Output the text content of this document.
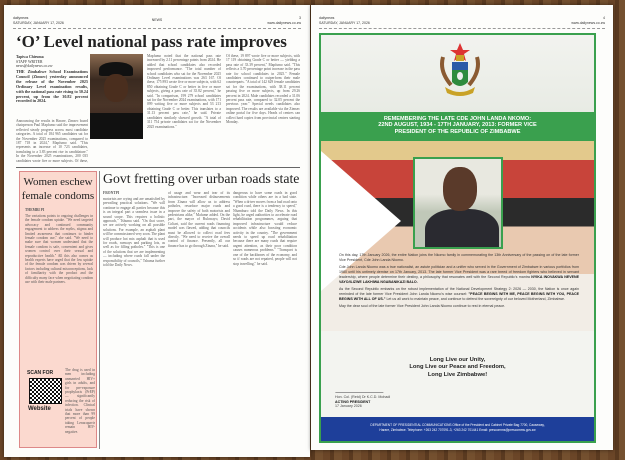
dailynews
SATURDAY, JANUARY 17, 2026
NEWS	3
www.dailynews.co.zw
‘O’ Level national pass rate improves
Tapiwa Chiruma
STAFF WRITER
news@dailynews.co.zw
THE Zimbabwe School Examinations Council (Zimsec) yesterday announced the release of the November 2025 Ordinary Level examination results, with the national pass rate rising to 30.24 percent, up from the 30.82 percent recorded in 2024.
Announcing the results in Harare, Zimsec board chairperson Paul Mapfumo said the improvement reflected steady progress across most candidate categories. A total of 184 965 candidates sat for the November 2025 examinations, compared to 187 718 in 2024," Mapfumo said. "This represents an increase of 10 723 candidates, translating to a 3.83 percent rise in candidature." In the November 2025 examinations, 200 035 candidates wrote five or more subjects. Of these,
Mapfumo noted that the national pass rate increased by 2.11 percentage points from 2024. He added that school candidates also recorded improved performance. "The total number of school candidates who sat for the November 2025 Ordinary Level examinations was 263 167. Of these, 175 893 wrote five or more subjects, with 62 850 obtaining Grade C or better in five or more subjects, giving a pass rate of 35.82 percent," he said. "In comparison, 199 279 school candidates sat for the November 2024 examinations, with 171 099 writing five or more subjects and 53 213 obtaining Grade C or better. This translates to a 31.13 percent pass rate," he said. Private candidates similarly showed growth. "A total of 311 754 private candidates sat for the November 2025 examinations."
Of these, 19 897 wrote five or more subjects, with 17 119 obtaining Grade C or better — yielding a pass rate of 33.39 percent," Mapfumo said. "This reflects a 3.70 percentage point increase in the pass rate for school candidates in 2025." Female candidates continued to outperform their male counterparts. "A total of 142 629 female candidates sat for the examinations, with 38.11 percent passing five or more subjects, up from 29.26 percent in 2024. Male candidates recorded a 31.06 percent pass rate, compared to 32.05 percent the previous year." Special needs candidates also improved. The results are available via the Zimsec online portal for five days. Heads of centres can collect hard copies from provincial centres starting Monday.
Women eschew female condoms
THEMBI PI
The variations points to ongoing challenges in the female condom uptake. "We need targeted advocacy and continued community engagement to address the myths, stigma and limited awareness that continues to hinder female condom use," she said. "We need to make sure that women understand that the female condom is safe, convenient and gives women control over their sexual and reproductive health." All this also comes as health experts have urged that the low uptake of the female condom was driven by several factors including cultural misconceptions, lack of familiarity with the product and the difficulty many face when negotiating condom use with their male partners.
SCAN FOR
Website
The drug is used in men including unmarried HIV+ girls in adults, and for pre-exposure prophylaxis (PrEP) — significantly reducing the risk of infection. Clinical trials have shown that more than 99 percent of people taking Lenacapavir remain HIV-negative.
Govt fretting over urban roads state
FRONTPI
motorists are crying and are unsatisfied by prevailing practical solutions. "We will continue to engage all parties because this is an integral part a seamless issue in a sound scope. This requires a holistic approach," Tshuma said. "On that score, we are actively working on all possible solutions. For example, an asphalt plant will be commissioned very soon. The plant will produce hot mix asphalt that is used for roads, runways and parking lots, as well as for filling potholes." "This is one of the solutions that we are implementing — including where roads fall under the responsibility of councils," Tshuma further told the Daily News.
of usage and wear and tear of its infrastructure. "Increased disbursements from Zinara will allow us to address potholes, resurface major roads and improve the safety of both motorists and pedestrians alike," Mafume added. On the part, the mayor of Bulawayo, David Coltart, said the current roads financing model was flawed, adding that councils must be allowed to collect road fees directly. "We need to receive the overall control of finance. Presently, all our finance has to go through Zinara," he said.
dangerous to have some roads in good condition while others are in a bad state. "When a driver moves from a bad road onto a good road, there is a tendency to speed," Nhamburo told the Daily News. In this light, he urged authorities to accelerate road rehabilitation programmes, arguing that improved infrastructure would reduce accidents while also boosting economic activity in the country. "The government needs to speed up road rehabilitation because there are many roads that require urgent attention, as their poor condition causes numerous problems." "Transport is one of the backbones of the economy, and so if roads are not repaired, people will not stop travelling," he said.
dailynews
SATURDAY, JANUARY 17, 2026
4
www.dailynews.co.zw
REMEMBERING THE LATE CDE JOHN LANDA NKOMO:
22ND AUGUST, 1934 - 17TH JANUARY, 2013: FORMER VICE
PRESIDENT OF THE REPUBLIC OF ZIMBABWE

On this day, 17th January 2026, the entire Nation joins the Nkomo family in commemorating the 13th Anniversary of the passing on of the late former Vice President, Cde John Landa Nkomo.

Cde John Landa Nkomo was a true nationalist, an astute politician and a unifier who served in the Government of Zimbabwe in various portfolios from 1980 until his untimely demise on 17th January, 2013. The late former Vice President was a rare breed of freedom fighters who believed in servant leadership, where people determine their destiny, a philosophy that resonates well with the Second Republic's mantra NYIKA INOVAKWA NEVENE VAYO/ILIZWE LAKHIWA NGABANIKAZI BALO.

As the Second Republic embarks on the robust implementation of the National Development Strategy 2: 2026 — 2030, the Nation is once again reminded of the late former Vice President John Landa Nkomo's wise counsel: "PEACE BEGINS WITH ME, PEACE BEGINS WITH YOU, PEACE BEGINS WITH ALL OF US." Let us all work to maintain peace, and continue to defend the sovereignty of our beloved Motherland, Zimbabwe.

May the dear soul of the late former Vice President John Landa Nkomo continue to rest in eternal peace.

Long Live our Unity,
Long Live our Peace and Freedom,
Long Live Zimbabwe!
Hon. Col. (Retd) Dr K.C.D. Mohadi
ACTING PRESIDENT
17 January 2026
DEPARTMENT OF PRESIDENTIAL COMMUNICATIONS Office of the President and Cabinet Private Bag 7700, Causeway,
Harare, Zimbabwe. Telephone: +263 242 707091-3, +263 242 701441 Email: prescomms@prescomms.gov.zw
